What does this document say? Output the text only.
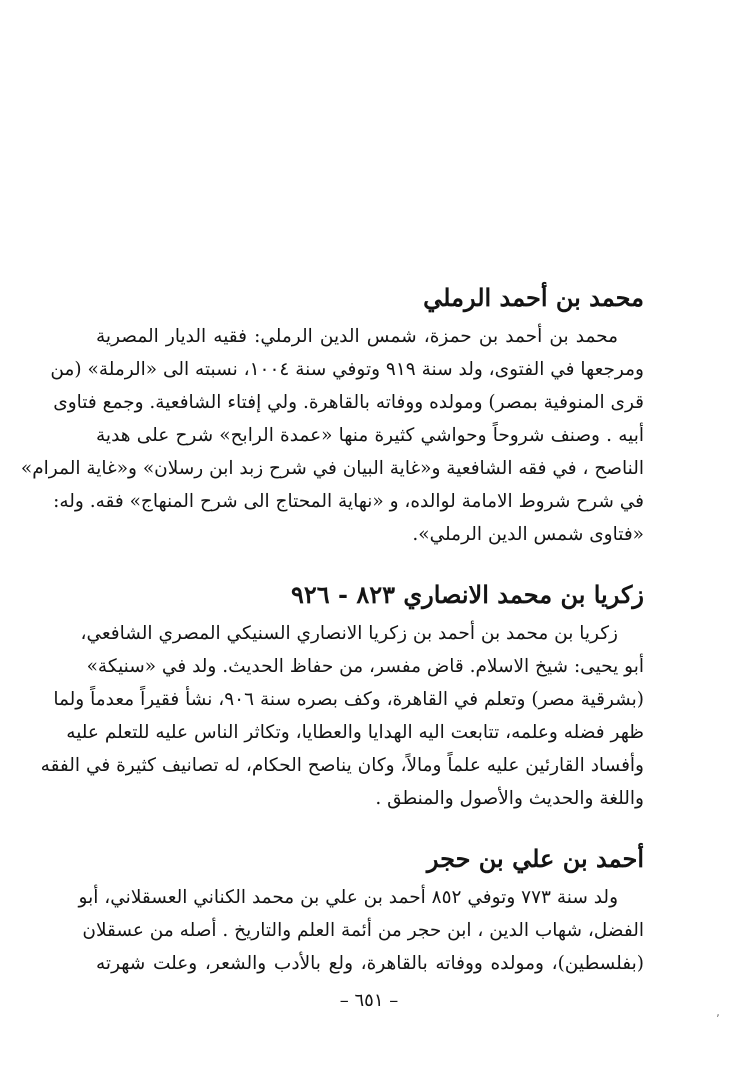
محمد بن أحمد الرملي
محمد بن أحمد بن حمزة، شمس الدين الرملي: فقيه الديار المصرية
ومرجعها في الفتوى، ولد سنة ٩١٩ وتوفي سنة ١٠٠٤، نسبته الى «الرملة» (من
قرى المنوفية بمصر) ومولده ووفاته بالقاهرة. ولي إفتاء الشافعية. وجمع فتاوى
أبيه . وصنف شروحاً وحواشي كثيرة منها «عمدة الرابح» شرح على هدية
الناصح ، في فقه الشافعية و«غاية البيان في شرح زبد ابن رسلان» و«غاية المرام»
في شرح شروط الامامة لوالده، و «نهاية المحتاج الى شرح المنهاج» فقه. وله:
«فتاوى شمس الدين الرملي».
زكريا بن محمد الانصاري ٨٢٣ - ٩٢٦
زكريا بن محمد بن أحمد بن زكريا الانصاري السنيكي المصري الشافعي،
أبو يحيى: شيخ الاسلام. قاض مفسر، من حفاظ الحديث. ولد في «سنيكة»
(بشرقية مصر) وتعلم في القاهرة، وكف بصره سنة ٩٠٦، نشأ فقيراً معدماً ولما
ظهر فضله وعلمه، تتابعت اليه الهدايا والعطايا، وتكاثر الناس عليه للتعلم عليه
وأفساد القارئين عليه علماً ومالاً، وكان يناصح الحكام، له تصانيف كثيرة في الفقه
واللغة والحديث والأصول والمنطق .
أحمد بن علي بن حجر
ولد سنة ٧٧٣ وتوفي ٨٥٢ أحمد بن علي بن محمد الكناني العسقلاني، أبو
الفضل، شهاب الدين ، ابن حجر من أئمة العلم والتاريخ . أصله من عسقلان
(بفلسطين)، ومولده ووفاته بالقاهرة، ولع بالأدب والشعر، وعلت شهرته
– ٦٥١ –
٬
